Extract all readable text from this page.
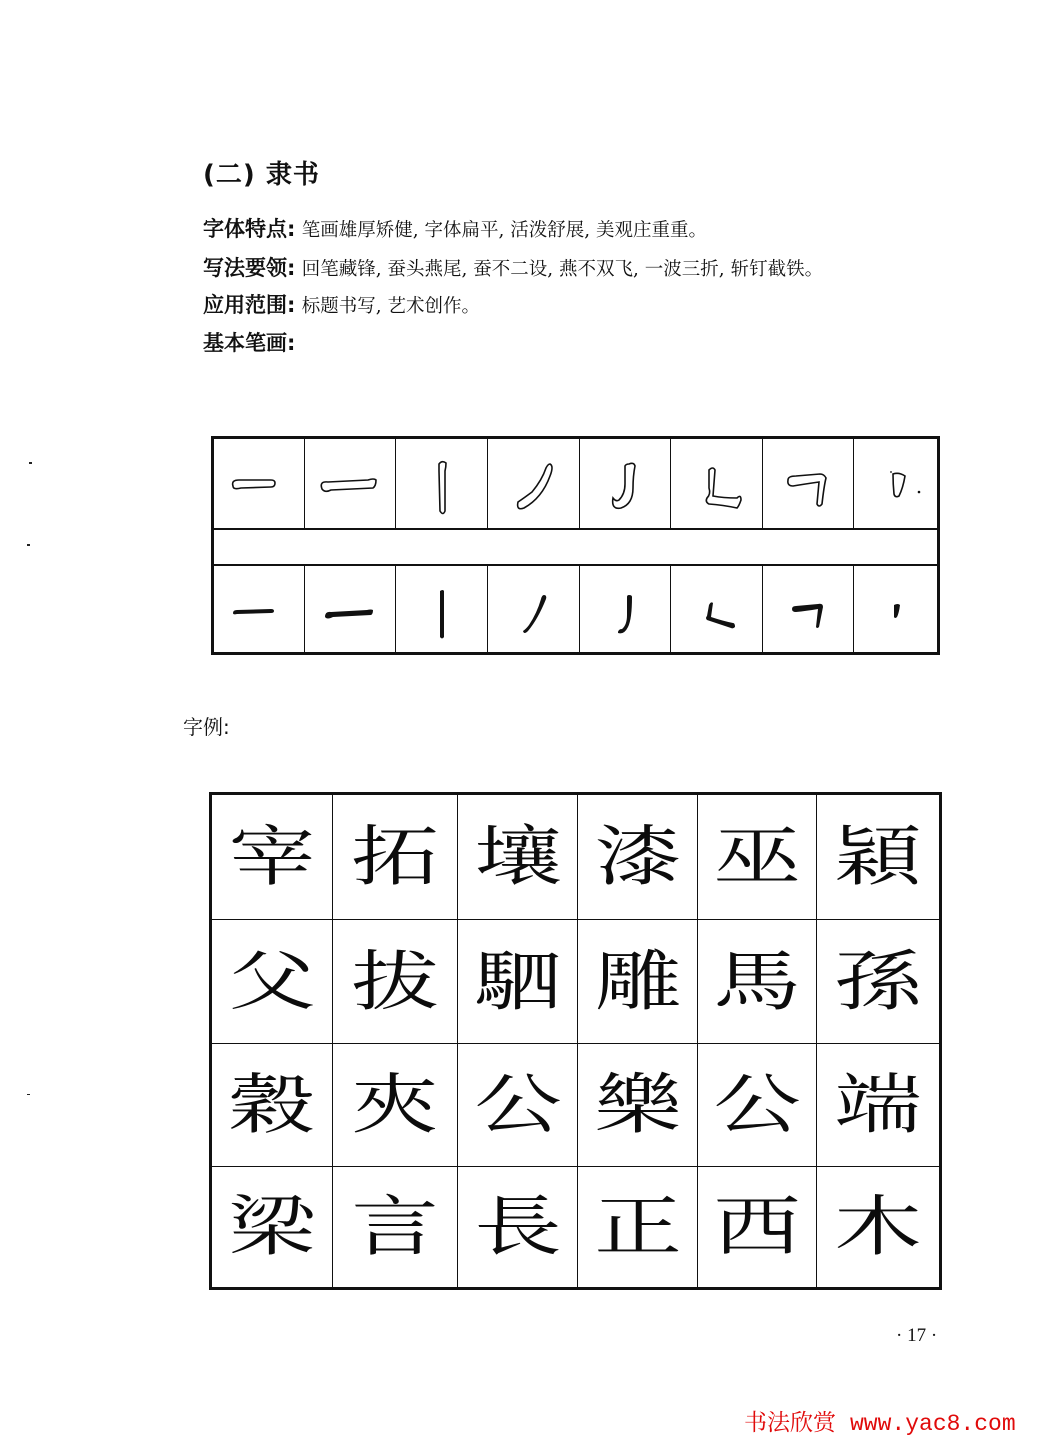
(二) 隶书
字体特点: 笔画雄厚矫健, 字体扁平, 活泼舒展, 美观庄重重。
写法要领: 回笔藏锋, 蚕头燕尾, 蚕不二设, 燕不双飞, 一波三折, 斩钉截铁。
应用范围: 标题书写, 艺术创作。
基本笔画:
字例:
宰 拓 壤 漆 巫 穎
父 拔 駟 雕 馬 孫
穀 夾 公 樂 公 端
梁 言 長 正 西 木
· 17 ·
书法欣赏 www.yac8.com
